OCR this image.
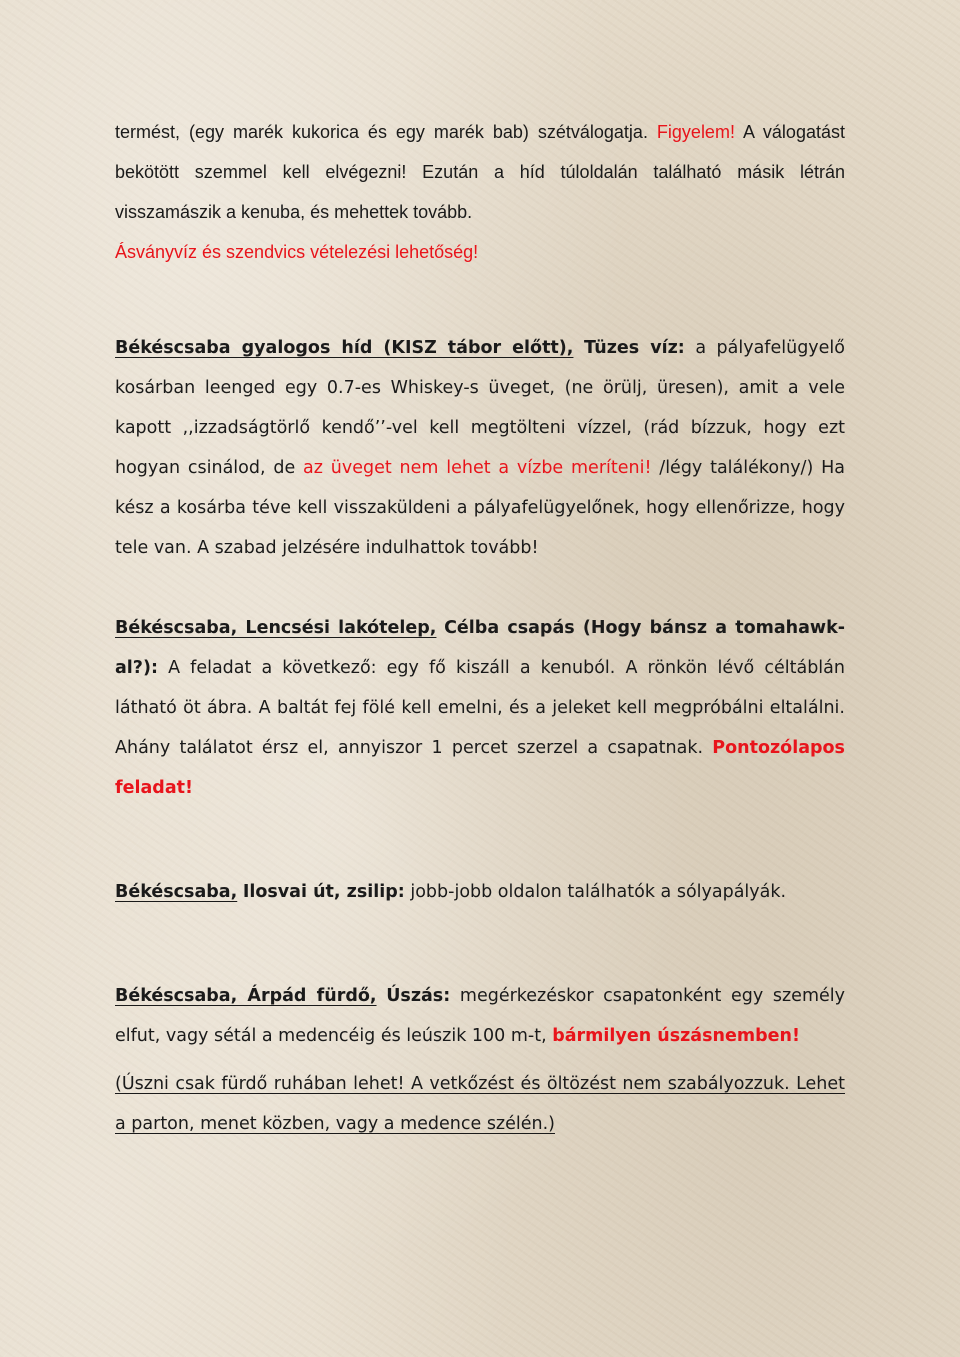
termést, (egy marék kukorica és egy marék bab) szétválogatja. Figyelem! A válogatást bekötött szemmel kell elvégezni! Ezután a híd túloldalán található másik létrán visszamászik a kenuba, és mehettek tovább.

Ásványvíz és szendvics vételezési lehetőség!

Békéscsaba gyalogos híd (KISZ tábor előtt), Tüzes víz: a pályafelügyelő kosárban leenged egy 0.7-es Whiskey-s üveget, (ne örülj, üresen), amit a vele kapott ,,izzadságtörlő kendő’’-vel kell megtölteni vízzel, (rád bízzuk, hogy ezt hogyan csinálod, de az üveget nem lehet a vízbe meríteni! /légy találékony/) Ha kész a kosárba téve kell visszaküldeni a pályafelügyelőnek, hogy ellenőrizze, hogy tele van. A szabad jelzésére indulhattok tovább!

Békéscsaba, Lencsési lakótelep, Célba csapás (Hogy bánsz a tomahawk-al?): A feladat a következő: egy fő kiszáll a kenuból. A rönkön lévő céltáblán látható öt ábra. A baltát fej fölé kell emelni, és a jeleket kell megpróbálni eltalálni. Ahány találatot érsz el, annyiszor 1 percet szerzel a csapatnak. Pontozólapos feladat!

Békéscsaba, Ilosvai út, zsilip: jobb-jobb oldalon találhatók a sólyapályák.

Békéscsaba, Árpád fürdő, Úszás: megérkezéskor csapatonként egy személy elfut, vagy sétál a medencéig és leúszik 100 m-t, bármilyen úszásnemben!

(Úszni csak fürdő ruhában lehet! A vetkőzést és öltözést nem szabályozzuk. Lehet a parton, menet közben, vagy a medence szélén.)
